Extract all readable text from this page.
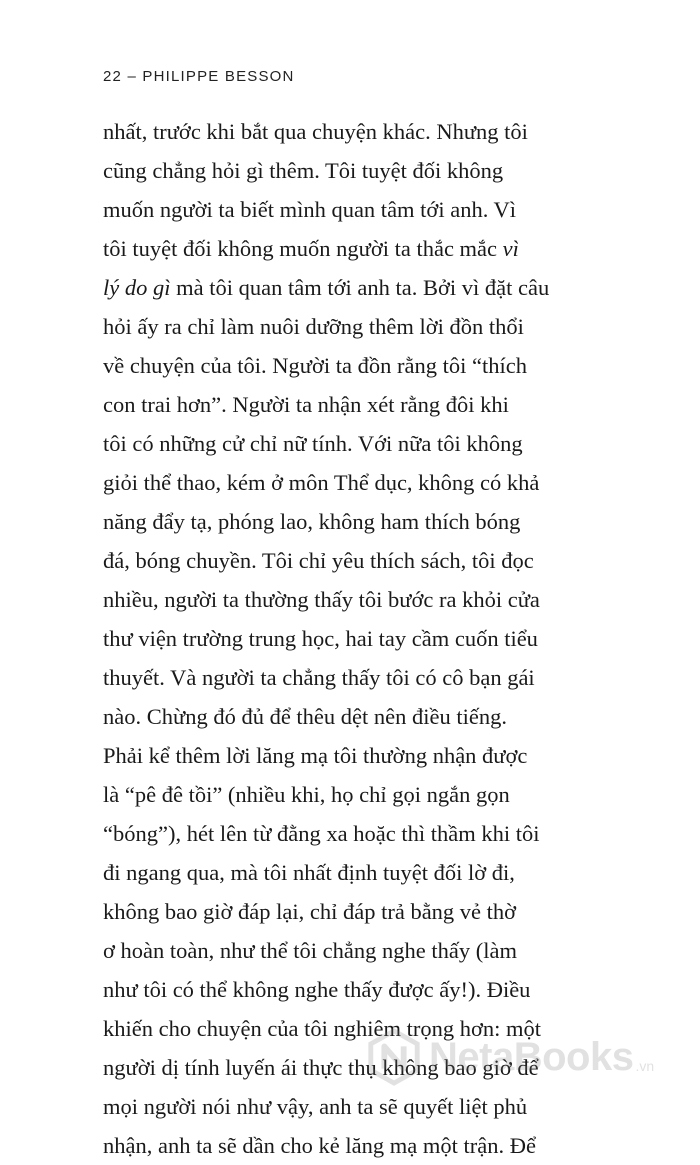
22 – PHILIPPE BESSON
nhất, trước khi bắt qua chuyện khác. Nhưng tôi
cũng chẳng hỏi gì thêm. Tôi tuyệt đối không
muốn người ta biết mình quan tâm tới anh. Vì
tôi tuyệt đối không muốn người ta thắc mắc vì
lý do gì mà tôi quan tâm tới anh ta. Bởi vì đặt câu
hỏi ấy ra chỉ làm nuôi dưỡng thêm lời đồn thổi
về chuyện của tôi. Người ta đồn rằng tôi “thích
con trai hơn”. Người ta nhận xét rằng đôi khi
tôi có những cử chỉ nữ tính. Với nữa tôi không
giỏi thể thao, kém ở môn Thể dục, không có khả
năng đẩy tạ, phóng lao, không ham thích bóng
đá, bóng chuyền. Tôi chỉ yêu thích sách, tôi đọc
nhiều, người ta thường thấy tôi bước ra khỏi cửa
thư viện trường trung học, hai tay cầm cuốn tiểu
thuyết. Và người ta chẳng thấy tôi có cô bạn gái
nào. Chừng đó đủ để thêu dệt nên điều tiếng.
Phải kể thêm lời lăng mạ tôi thường nhận được
là “pê đê tồi” (nhiều khi, họ chỉ gọi ngắn gọn
“bóng”), hét lên từ đằng xa hoặc thì thầm khi tôi
đi ngang qua, mà tôi nhất định tuyệt đối lờ đi,
không bao giờ đáp lại, chỉ đáp trả bằng vẻ thờ
ơ hoàn toàn, như thể tôi chẳng nghe thấy (làm
như tôi có thể không nghe thấy được ấy!). Điều
khiến cho chuyện của tôi nghiêm trọng hơn: một
người dị tính luyến ái thực thụ không bao giờ để
mọi người nói như vậy, anh ta sẽ quyết liệt phủ
nhận, anh ta sẽ dần cho kẻ lăng mạ một trận. Để
NetaBooks .vn
